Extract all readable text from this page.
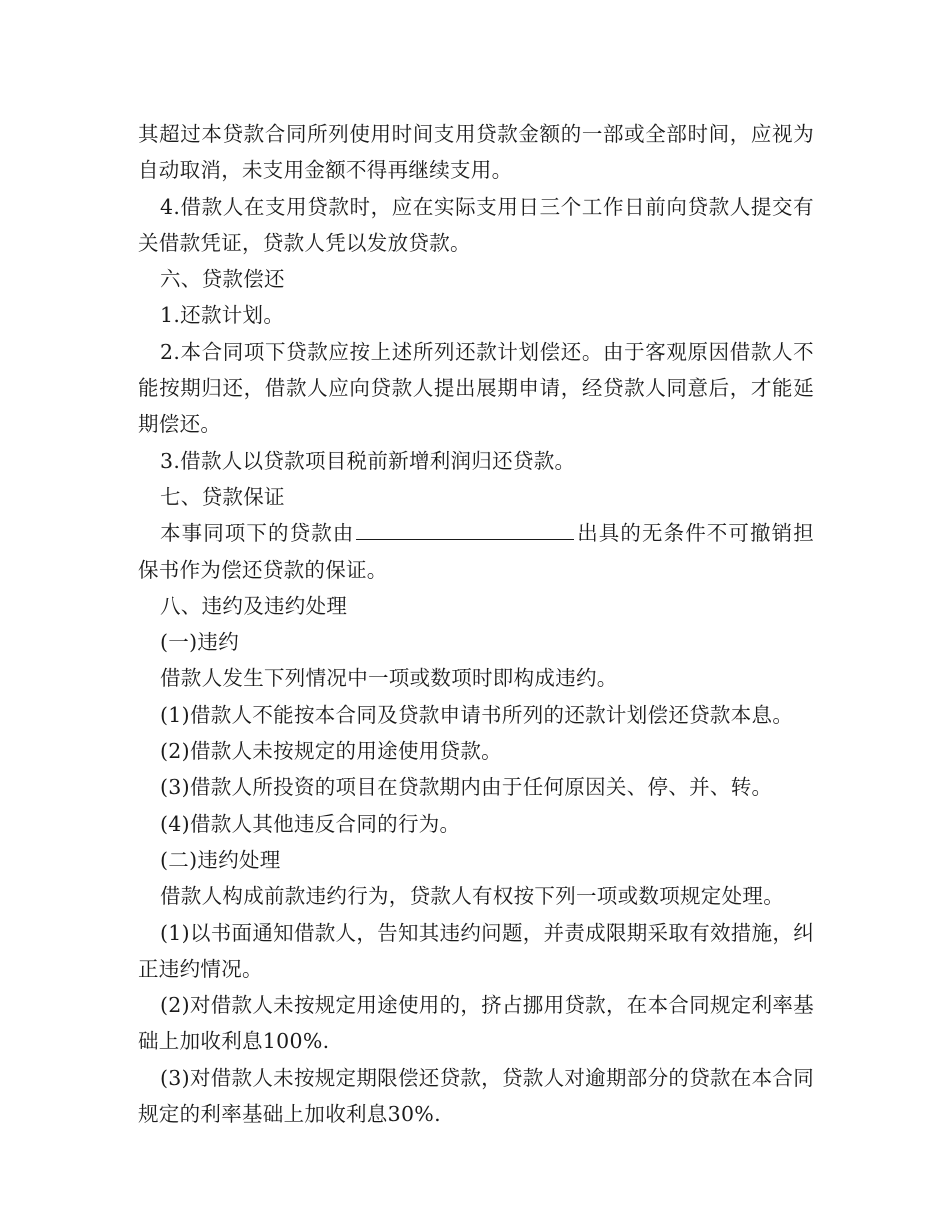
其超过本贷款合同所列使用时间支用贷款金额的一部或全部时间，应视为自动取消，未支用金额不得再继续支用。

4.借款人在支用贷款时，应在实际支用日三个工作日前向贷款人提交有关借款凭证，贷款人凭以发放贷款。

六、贷款偿还

1.还款计划。

2.本合同项下贷款应按上述所列还款计划偿还。由于客观原因借款人不能按期归还，借款人应向贷款人提出展期申请，经贷款人同意后，才能延期偿还。

3.借款人以贷款项目税前新增利润归还贷款。

七、贷款保证

本事同项下的贷款由	出具的无条件不可撤销担保书作为偿还贷款的保证。

八、违约及违约处理

(一)违约

借款人发生下列情况中一项或数项时即构成违约。

(1)借款人不能按本合同及贷款申请书所列的还款计划偿还贷款本息。

(2)借款人未按规定的用途使用贷款。

(3)借款人所投资的项目在贷款期内由于任何原因关、停、并、转。

(4)借款人其他违反合同的行为。

(二)违约处理

借款人构成前款违约行为，贷款人有权按下列一项或数项规定处理。

(1)以书面通知借款人，告知其违约问题，并责成限期采取有效措施，纠正违约情况。

(2)对借款人未按规定用途使用的，挤占挪用贷款，在本合同规定利率基础上加收利息100%.

(3)对借款人未按规定期限偿还贷款，贷款人对逾期部分的贷款在本合同规定的利率基础上加收利息30%.
